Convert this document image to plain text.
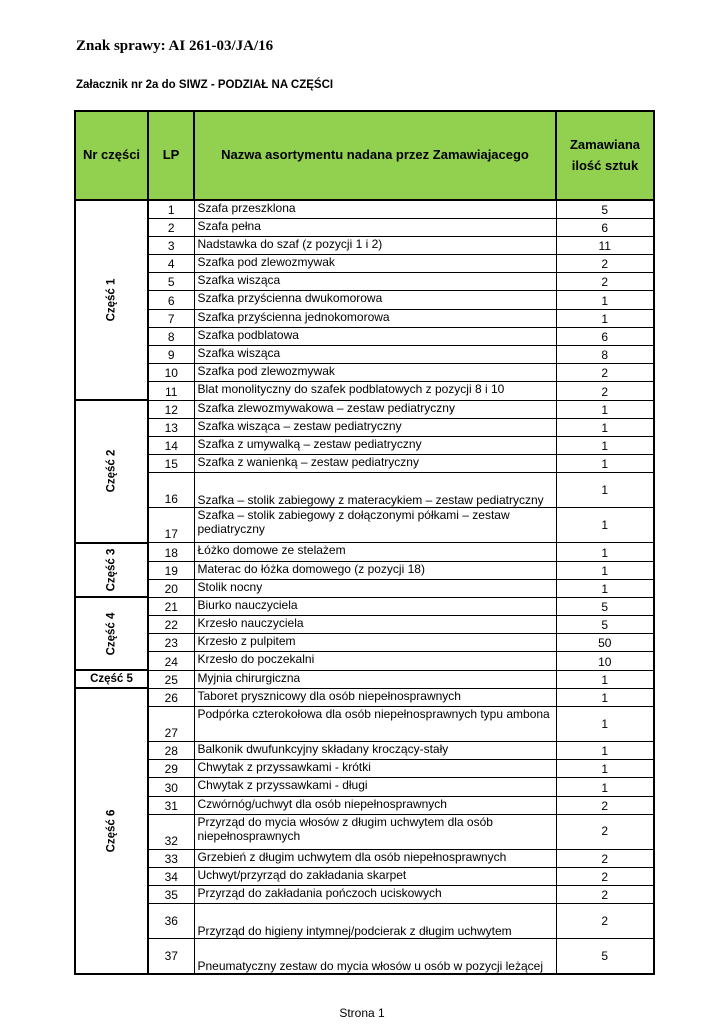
Znak sprawy: AI 261-03/JA/16
Załacznik nr 2a do SIWZ - PODZIAŁ NA CZĘŚCI
Nr części	LP	Nazwa asortymentu nadana przez Zamawiajacego	Zamawiana ilość sztuk
Część 1	1	Szafa przeszklona	5
	2	Szafa pełna	6
	3	Nadstawka do szaf (z pozycji 1 i 2)	11
	4	Szafka pod zlewozmywak	2
	5	Szafka wisząca	2
	6	Szafka przyścienna dwukomorowa	1
	7	Szafka przyścienna jednokomorowa	1
	8	Szafka podblatowa	6
	9	Szafka wisząca	8
	10	Szafka pod zlewozmywak	2
	11	Blat monolityczny do szafek podblatowych z pozycji 8 i 10	2
Część 2	12	Szafka zlewozmywakowa – zestaw pediatryczny	1
	13	Szafka wisząca – zestaw pediatryczny	1
	14	Szafka z umywalką – zestaw pediatryczny	1
	15	Szafka z wanienką – zestaw pediatryczny	1
	16	Szafka – stolik zabiegowy z materacykiem – zestaw pediatryczny	1
	17	Szafka – stolik zabiegowy z dołączonymi półkami – zestaw pediatryczny	1
Część 3	18	Łóżko domowe ze stelażem	1
	19	Materac do łóżka domowego (z pozycji 18)	1
	20	Stolik nocny	1
Część 4	21	Biurko nauczyciela	5
	22	Krzesło nauczyciela	5
	23	Krzesło z pulpitem	50
	24	Krzesło do poczekalni	10
Część 5	25	Myjnia chirurgiczna	1
Część 6	26	Taboret prysznicowy dla osób niepełnosprawnych	1
	27	Podpórka czterokołowa dla osób niepełnosprawnych typu ambona	1
	28	Balkonik dwufunkcyjny składany kroczący-stały	1
	29	Chwytak z przyssawkami - krótki	1
	30	Chwytak z przyssawkami - długi	1
	31	Czwórnóg/uchwyt dla osób niepełnosprawnych	2
	32	Przyrząd do mycia włosów z długim uchwytem dla osób niepełnosprawnych	2
	33	Grzebień z długim uchwytem dla osób niepełnosprawnych	2
	34	Uchwyt/przyrząd do zakładania skarpet	2
	35	Przyrząd do zakładania pończoch uciskowych	2
	36	Przyrząd do higieny intymnej/podcierak z długim uchwytem	2
	37	Pneumatyczny zestaw do mycia włosów u osób w pozycji leżącej	5
Strona 1
